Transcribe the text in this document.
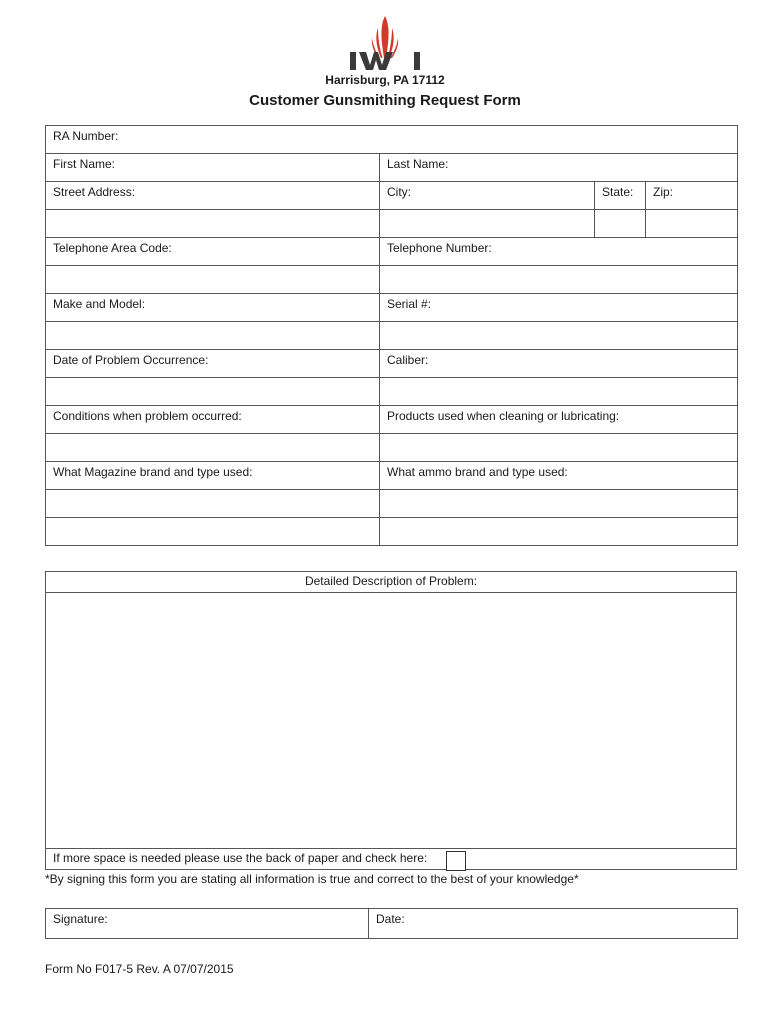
Harrisburg, PA 17112
Customer Gunsmithing Request Form
RA Number:			
First Name:	Last Name:		
Street Address:	City:	State:	Zip:

Telephone Area Code:	Telephone Number:		

Make and Model:	Serial #:		

Date of Problem Occurrence:	Caliber:		

Conditions when problem occurred:	Products used when cleaning or lubricating:		

What Magazine brand and type used:	What ammo brand and type used:		

Detailed Description of Problem:
If more space is needed please use the back of paper and check here:
*By signing this form you are stating all information is true and correct to the best of your knowledge*
Signature:	Date:
Form No F017-5 Rev. A 07/07/2015
